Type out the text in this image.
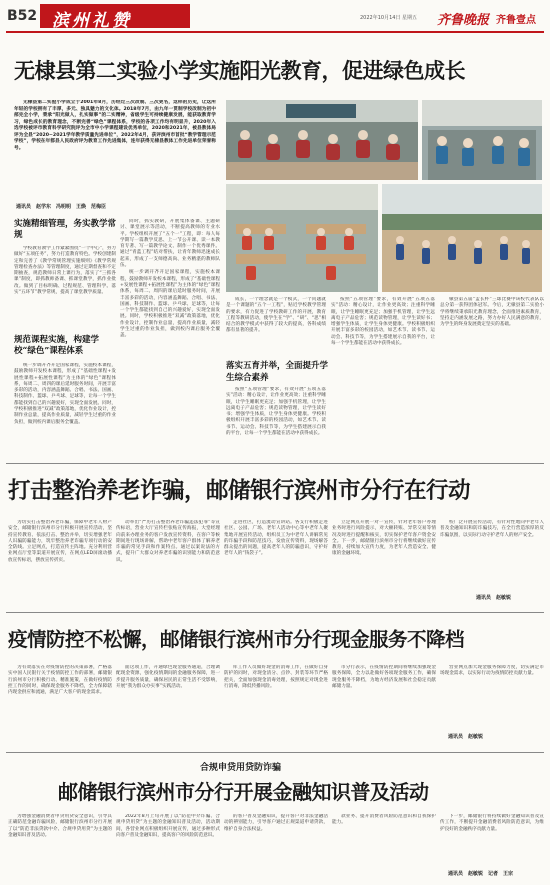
B52 滨州礼赞	2022年10月14日 星期五 齐鲁晚报 齐鲁壹点
无棣县第二实验小学实施阳光教育，促进绿色成长

无棣县第二实验小学成立于2001年8月，历经过三次改制、三次更名，这样的历史，让这所年轻的学校拥有了丰厚，多元、独具魅力的文化体。2018年7月，由九年一贯制学校改制为初中部完全小学，秉承“阳光做人，扎实做事”的二实精神，省级学生可持续健康发展，能获取教育学习，绿色成长的教育理念，不断完善“绿色”课程体系，学校的各项工作均有明显升，2020年入选学校被评市教育科学研究院评为全市中小学课程建设优秀单位，2020和2021年，被县教体局评为全县“2020~2021学年教学质量先进单位”，2022年4月，获评滨州市首批“教学管理示范学校”，学校在年都县人民政府评为教育工作先进集体，连年获得无棣县教体工作先进单位荣誉称号。

通讯员　赵学东　冯明明　王焕　范梅臣
实施精细管理，务实教学常规

学校教育教学工作紧紧围绕“一个中心”，努力做好“五项任务”，努力打造教育特色。学校创建制定和完善了《教学常规管理实施细则》《教学常规管理检查办法》等管理制度，通过定期督查和不定期抽查，规范教师日常上课行为，落实了“三抓各课”制度，即抓教师备课、抓课堂教学，抓作业批改。做到了目标明确、过程规范、管理科学。落实“五环节”教学常规，提高了课堂教学质量。

规范课程实施，构建学校“绿色”课程体系

统一步调开齐开足国家课程，实施校本课程，鼓励教师开发校本课程，形成了“基础性课程+发展性课程+拓展性课程”为主体的“绿色”课程体系，每周二、周四的课后延时服务时间，开展丰富多彩的活动，内容涵盖舞蹈、合唱、书法、国画、科技制作、篮球、乒乓球、足球等，让每一个学生都能找到自己的兴趣爱好，实现全面发展。同时，学校积极推进“双减”政策落地，优化作业设计，控制作业总量，提高作业质量，减轻学生过重的作业负担，做到校内课后服务全覆盖。

同时，抓实教研，开展集体备课、主题研讨、课堂展示等活动，不断提高教师的专业水平。学校组织开展了“五个一”工程，即：每人每学期写一篇教学反思、上一节公开课、读一本教育专著、写一篇教学论文、制作一个优秀课件。通过“青蓝工程”结对帮扶，让青年教师迅速成长起来，形成了一支师德高尚、业务精湛的教师队伍。

统一步调开齐开足国家课程，实施校本课程，鼓励教师开发校本课程，形成了“基础性课程+发展性课程+拓展性课程”为主体的“绿色”课程体系，每周二、周四的课后延时服务时间，开展丰富多彩的活动，内容涵盖舞蹈、合唱、书法、国画、科技制作、篮球、乒乓球、足球等，让每一个学生都能找到自己的兴趣爱好，实现全面发展。同时，学校积极推进“双减”政策落地，优化作业设计，控制作业总量，提高作业质量，减轻学生过重的作业负担，做到校内课后服务全覆盖。

成长，一个理念就是一个模式，一个问题就是一个课题的“五个一工程”，贴近学校教学管理的要求，有力促进了学校教研工作的开展，教育工程等教研活动，使学生在“学”、“研”、“思”相结合的教学模式中获得了较大的提高，各科成绩都有显著的提升。

落实五育并举，全面提升学生综合素养

按照“五项管理”要求，有效开展“五项五落实”活动：精心设计，让作业更高效；注重科学睡眠，让学生睡眠更充足；加强手机管理，让学生远离电子产品危害；规范读物管理，让学生读好书；增强学生体质，让学生身体更健康。学校积极组织开展丰富多彩的校园活动，如艺术节、读书节、运动会、科技节等，为学生搭建展示自我的平台，让每一个学生都能在活动中获得成长。

按照“五项管理”要求，有效开展“五项五落实”活动：精心设计，让作业更高效；注重科学睡眠，让学生睡眠更充足；加强手机管理，让学生远离电子产品危害；规范读物管理，让学生读好书；增强学生体质，让学生身体更健康。学校积极组织开展丰富多彩的校园活动，如艺术节、读书节、运动会、科技节等，为学生搭建展示自我的平台，让每一个学生都能在活动中获得成长。

棣县第五届“孟长杯”三球比赛中该校代表队以总分第一获得团体冠军。今后，无棣县第二实验小学将继续秉承阳光教育理念，全面推进素质教育，坚持走内涵发展之路，努力办好人民满意的教育，为学生的终身发展奠定坚实的基础。

打击整治养老诈骗，邮储银行滨州市分行在行动

为切实打击整治养老诈骗，保障中老年人财产安全，邮储银行滨州市分行积极开展宣传活动，坚持宣传教育、依法打击、整治并举，切实增强老年人识骗防骗能力，筑牢整治养老诈骗专项行动的安全防线。立足网点，打造宣传主阵地。充分利用营业网点厅堂等渠道开展宣传，在网点LED屏滚动播放宣传标语，摆放宣传折页。

动举出“严厉打击整治养老诈骗违法犯罪”等宣传标语，营业大厅宣传栏张贴宣传海报，大堂经理向前来办理业务的客户发放宣传资料，在客户等候期间进行现场讲解，帮助中老年客户群体了解养老诈骗的常见手段和作案特点。通过以案说法的方式，提升广大群众对养老诈骗的识别能力和防范意识。

走进社区，打造流动宣讲站。各支行积极走进社区、公园、广场、老年人活动中心等中老年人聚集地开展宣传活动，组织员工为中老年人讲解常见的诈骗手段和防范技巧，发放宣传资料，现场解答群众提出的问题，提高老年人的防骗意识，守护好老年人的“钱袋子”。

立足网点开展一对一宣传，针对老年客户办理业务时进行风险提示，对大额转账、异常交易等情况及时进行提醒和核实，切实保护老年客户资金安全。下一步，邮储银行滨州市分行将继续做好宣传教育，持续加大宣传力度，为老年人营造安全、健康的金融环境。

校广泛开展宣传活动，有针对性地向中老年人普及金融知识和防诈骗技巧，在全行营造浓厚的反诈骗氛围，以实际行动守护老年人的财产安全。

通讯员　赵敏锐
疫情防控不松懈，邮储银行滨州市分行现金服务不降档

为有效落实在对疫情防控的决策部署，严格落实中国人民银行关于疫情防控工作的部署，邮储银行滨州市分行积极行动、精准施策，在做好疫情防控工作的同时，确保现金服务不降档，全力保障辖内现金供应和流通，满足广大客户的现金需求。

面这项工作，开通绿色现金服务通道，合理调配现金资源，强化疫情期间的金融服务保障，进一步提升服务质量，确保居民的正常生活不受影响，开展“我为群众办实事”实践活动。

库工作人员做好现金的消毒工作，在做好自身防护的同时，对现金清分、点钞、封装等环节严格把关，全面加强现金消毒处理，按照规定对现金进行消毒，降低传播风险。

市分行表示，在疫情防控期间将继续加强现金服务保障，全力以赴做好各项现金服务工作，确保现金服务不降档，为地方经济发展和社会稳定贡献邮储力量。

营业网点加大现金服务保障力度，切实满足市场现金需求，以实际行动为疫情防控贡献力量。

通讯员　赵敏锐
合规申贷用贷防诈骗
邮储银行滨州市分行开展金融知识普及活动

为增强金融消费者申贷用贷安全意识，引导其正确防范金融诈骗风险，邮储银行滨州市分行开展了以“防范非法贷款中介、合规申贷用贷”为主题的金融知识普及活动。

2022年8月上旬开展了以“防范中介诈骗、合规申贷用贷”为主题的金融知识普及活动，活动期间，各营业网点积极组织开展宣传，通过多种形式向客户普及金融知识，提高客户的风险防范意识。

的客户普及金融知识，提升客户对非法金融活动的辨别能力，引导客户通过正规渠道申请贷款，维护自身合法权益。

款业务、提升消费者风险防范意识和自我保护能力。

下一步，邮储银行将持续做好金融知识普及宣传工作，不断提升金融消费者风险防范意识，为维护良好的金融秩序贡献力量。

通讯员　赵敏锐　记者　王宗
